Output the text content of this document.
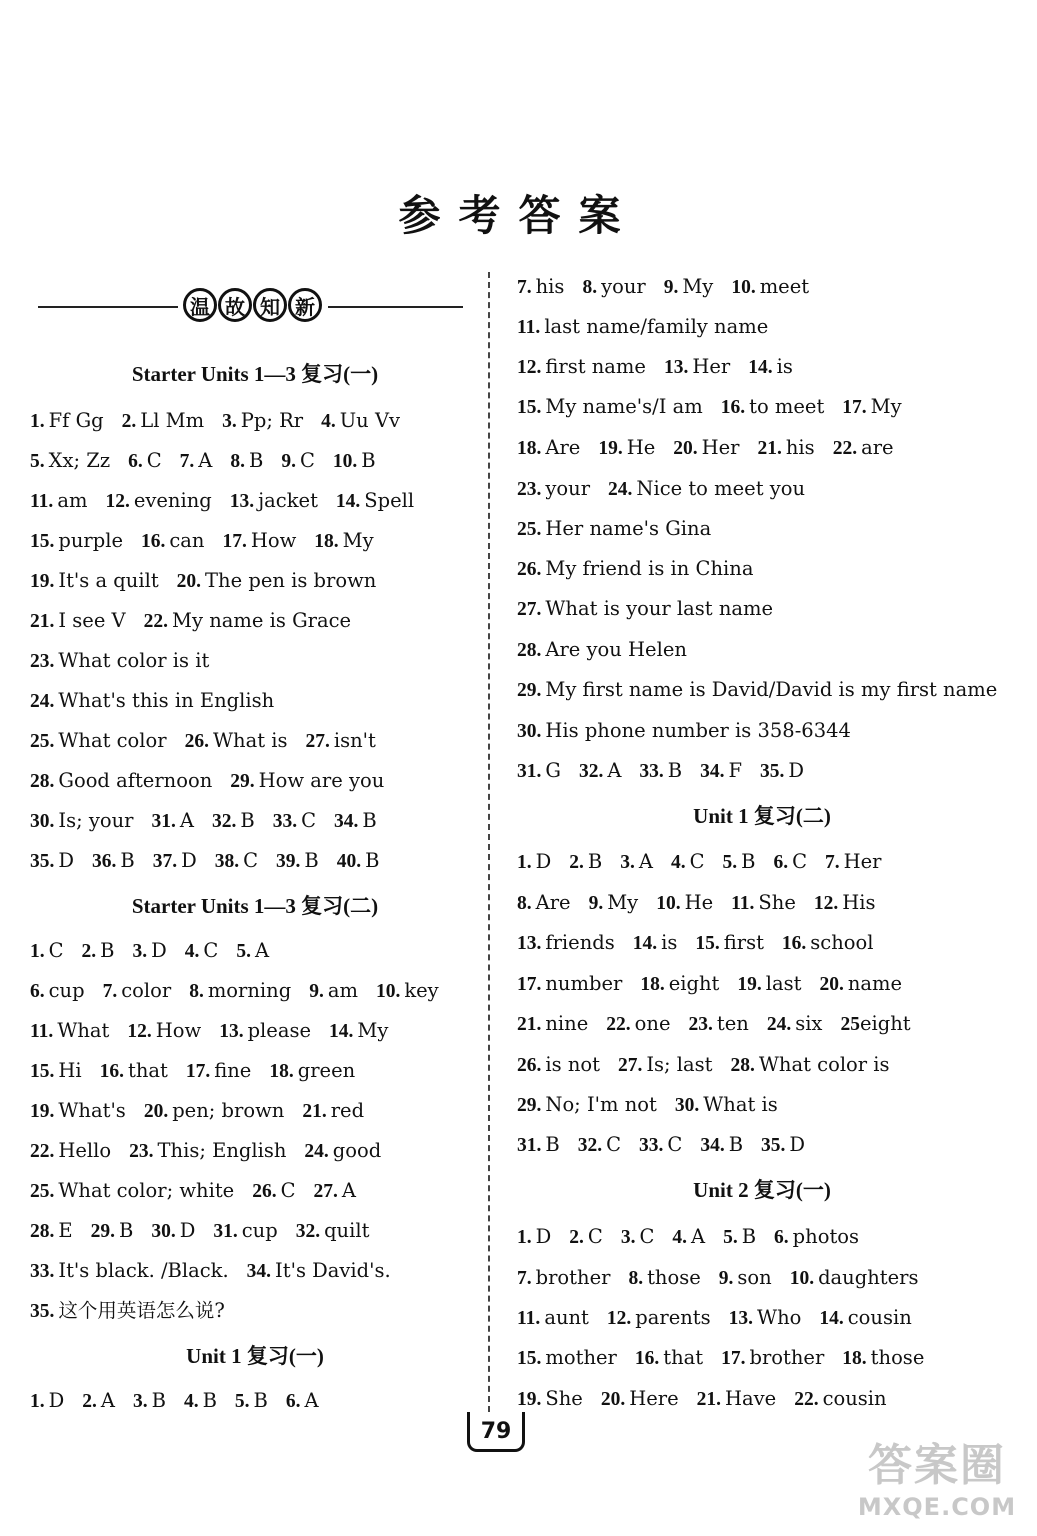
参考答案
温 故 知 新
Starter Units 1—3 复习(一)
1. Ff Gg 2. Ll Mm 3. Pp; Rr 4. Uu Vv
5. Xx; Zz 6. C 7. A 8. B 9. C 10. B
11. am 12. evening 13. jacket 14. Spell
15. purple 16. can 17. How 18. My
19. It's a quilt 20. The pen is brown
21. I see V 22. My name is Grace
23. What color is it
24. What's this in English
25. What color 26. What is 27. isn't
28. Good afternoon 29. How are you
30. Is; your 31. A 32. B 33. C 34. B
35. D 36. B 37. D 38. C 39. B 40. B
Starter Units 1—3 复习(二)
1. C 2. B 3. D 4. C 5. A
6. cup 7. color 8. morning 9. am 10. key
11. What 12. How 13. please 14. My
15. Hi 16. that 17. fine 18. green
19. What's 20. pen; brown 21. red
22. Hello 23. This; English 24. good
25. What color; white 26. C 27. A
28. E 29. B 30. D 31. cup 32. quilt
33. It's black. /Black. 34. It's David's.
35. 这个用英语怎么说?
Unit 1 复习(一)
1. D 2. A 3. B 4. B 5. B 6. A
7. his 8. your 9. My 10. meet
11. last name/family name
12. first name 13. Her 14. is
15. My name's/I am 16. to meet 17. My
18. Are 19. He 20. Her 21. his 22. are
23. your 24. Nice to meet you
25. Her name's Gina
26. My friend is in China
27. What is your last name
28. Are you Helen
29. My first name is David/David is my first name
30. His phone number is 358-6344
31. G 32. A 33. B 34. F 35. D
Unit 1 复习(二)
1. D 2. B 3. A 4. C 5. B 6. C 7. Her
8. Are 9. My 10. He 11. She 12. His
13. friends 14. is 15. first 16. school
17. number 18. eight 19. last 20. name
21. nine 22. one 23. ten 24. six 25eight
26. is not 27. Is; last 28. What color is
29. No; I'm not 30. What is
31. B 32. C 33. C 34. B 35. D
Unit 2 复习(一)
1. D 2. C 3. C 4. A 5. B 6. photos
7. brother 8. those 9. son 10. daughters
11. aunt 12. parents 13. Who 14. cousin
15. mother 16. that 17. brother 18. those
19. She 20. Here 21. Have 22. cousin
79
答案圈
MXQE.COM
